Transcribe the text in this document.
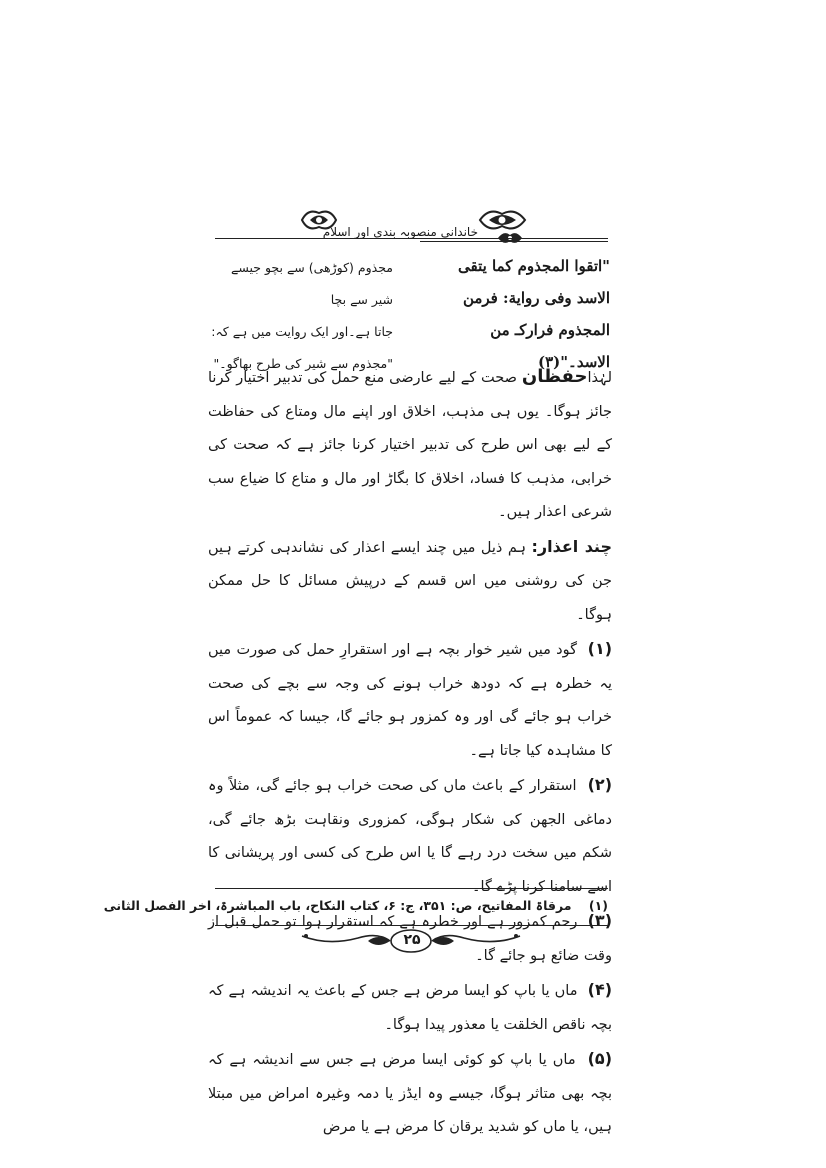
خاندانی منصوبہ بندی اور اسلام

"اتقوا المجذوم كما يتقى

الاسد وفى رواية: فرمن

المجذوم فراركـ من

الاسد۔"(۳)

مجذوم (کوڑھی) سے بچو جیسے شیر سے بچا

جاتا ہے۔اور ایک روایت میں ہے کہ:

"مجذوم سے شیر کی طرح بھاگو۔"

لہٰذاحفظان صحت کے لیے عارضی منع حمل کی تدبیر اختیار کرنا جائز ہوگا۔ یوں ہی مذہب، اخلاق اور اپنے مال ومتاع کی حفاظت کے لیے بھی اس طرح کی تدبیر اختیار کرنا جائز ہے کہ صحت کی خرابی، مذہب کا فساد، اخلاق کا بگاڑ اور مال و متاع کا ضیاع سب شرعی اعذار ہیں۔

چند اعذار: ہم ذیل میں چند ایسے اعذار کی نشاندہی کرتے ہیں جن کی روشنی میں اس قسم کے درپیش مسائل کا حل ممکن ہوگا۔

(۱)  گود میں شیر خوار بچہ ہے اور استقرارِ حمل کی صورت میں یہ خطرہ ہے کہ دودھ خراب ہونے کی وجہ سے بچے کی صحت خراب ہو جائے گی اور وہ کمزور ہو جائے گا، جیسا کہ عموماً اس کا مشاہدہ کیا جاتا ہے۔

(۲)  استقرار کے باعث ماں کی صحت خراب ہو جائے گی، مثلاً وہ دماغی الجھن کی شکار ہوگی، کمزوری ونقاہت بڑھ جائے گی، شکم میں سخت درد رہے گا یا اس طرح کی کسی اور پریشانی کا اسے سامنا کرنا پڑے گا۔

(۳)  رحم کمزور ہے اور خطرہ ہے کہ استقرار ہوا تو حمل قبل از وقت ضائع ہو جائے گا۔

(۴)  ماں یا باپ کو ایسا مرض ہے جس کے باعث یہ اندیشہ ہے کہ بچہ ناقص الخلقت یا معذور پیدا ہوگا۔

(۵)  ماں یا باپ کو کوئی ایسا مرض ہے جس سے اندیشہ ہے کہ بچہ بھی متاثر ہوگا، جیسے وہ ایڈز یا دمہ وغیرہ امراض میں مبتلا ہیں، یا ماں کو شدید یرقان کا مرض ہے یا مرض

(۱)    مرقاۃ المفاتیح، ص: ۳۵۱، ج: ۶، کتاب النکاح، باب المباشرۃ، اخر الفصل الثانی
۲۵
